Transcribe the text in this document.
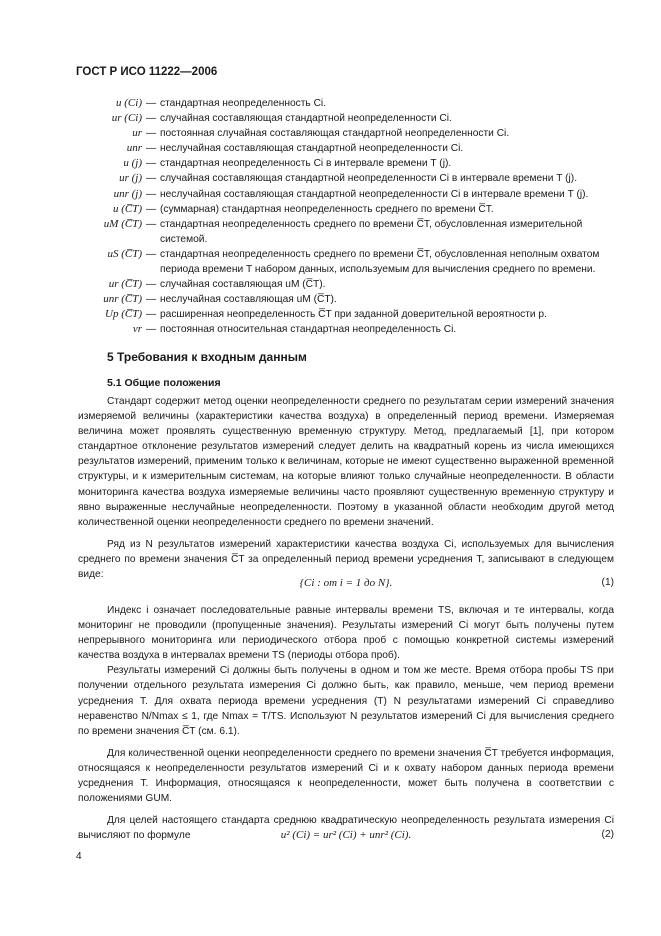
ГОСТ Р ИСО 11222—2006
u (Ci) — стандартная неопределенность Ci.
ur (Ci) — случайная составляющая стандартной неопределенности Ci.
ur — постоянная случайная составляющая стандартной неопределенности Ci.
unr — неслучайная составляющая стандартной неопределенности Ci.
u (j) — стандартная неопределенность Ci в интервале времени T (j).
ur (j) — случайная составляющая стандартной неопределенности Ci в интервале времени T (j).
unr (j) — неслучайная составляющая стандартной неопределенности Ci в интервале времени T (j).
u (C̅T) — (суммарная) стандартная неопределенность среднего по времени C̅T.
uM (C̅T) — стандартная неопределенность среднего по времени C̅T, обусловленная измерительной системой.
uS (C̅T) — стандартная неопределенность среднего по времени C̅T, обусловленная неполным охватом периода времени T набором данных, используемым для вычисления среднего по времени.
ur (C̅T) — случайная составляющая uM (C̅T).
unr (C̅T) — неслучайная составляющая uM (C̅T).
Up (C̅T) — расширенная неопределенность C̅T при заданной доверительной вероятности p.
vr — постоянная относительная стандартная неопределенность Ci.
5 Требования к входным данным
5.1 Общие положения

Стандарт содержит метод оценки неопределенности среднего по результатам серии измерений значения измеряемой величины (характеристики качества воздуха) в определенный период времени. Измеряемая величина может проявлять существенную временную структуру. Метод, предлагаемый [1], при котором стандартное отклонение результатов измерений следует делить на квадратный корень из числа имеющихся результатов измерений, применим только к величинам, которые не имеют существенно выраженной временной структуры, и к измерительным системам, на которые влияют только случайные неопределенности. В области мониторинга качества воздуха измеряемые величины часто проявляют существенную временную структуру и явно выраженные неслучайные неопределенности. Поэтому в указанной области необходим другой метод количественной оценки неопределенности среднего по времени значений.

Ряд из N результатов измерений характеристики качества воздуха Ci, используемых для вычисления среднего по времени значения C̅T за определенный период времени усреднения T, записывают в следующем виде:

{Ci : от i = 1 до N}.	(1)

Индекс i означает последовательные равные интервалы времени TS, включая и те интервалы, когда мониторинг не проводили (пропущенные значения). Результаты измерений Ci могут быть получены путем непрерывного мониторинга или периодического отбора проб с помощью конкретной системы измерений качества воздуха в интервалах времени TS (периоды отбора проб).

Результаты измерений Ci должны быть получены в одном и том же месте. Время отбора пробы TS при получении отдельного результата измерения Ci должно быть, как правило, меньше, чем период времени усреднения T. Для охвата периода времени усреднения (T) N результатами измерений Ci справедливо неравенство N/Nmax ≤ 1, где Nmax = T/TS. Используют N результатов измерений Ci для вычисления среднего по времени значения C̅T (см. 6.1).

Для количественной оценки неопределенности среднего по времени значения C̅T требуется информация, относящаяся к неопределенности результатов измерений Ci и к охвату набором данных периода времени усреднения T. Информация, относящаяся к неопределенности, может быть получена в соответствии с положениями GUM.

Для целей настоящего стандарта среднюю квадратическую неопределенность результата измерения Ci вычисляют по формуле	u² (Ci) = ur² (Ci) + unr² (Ci).	(2)
4
